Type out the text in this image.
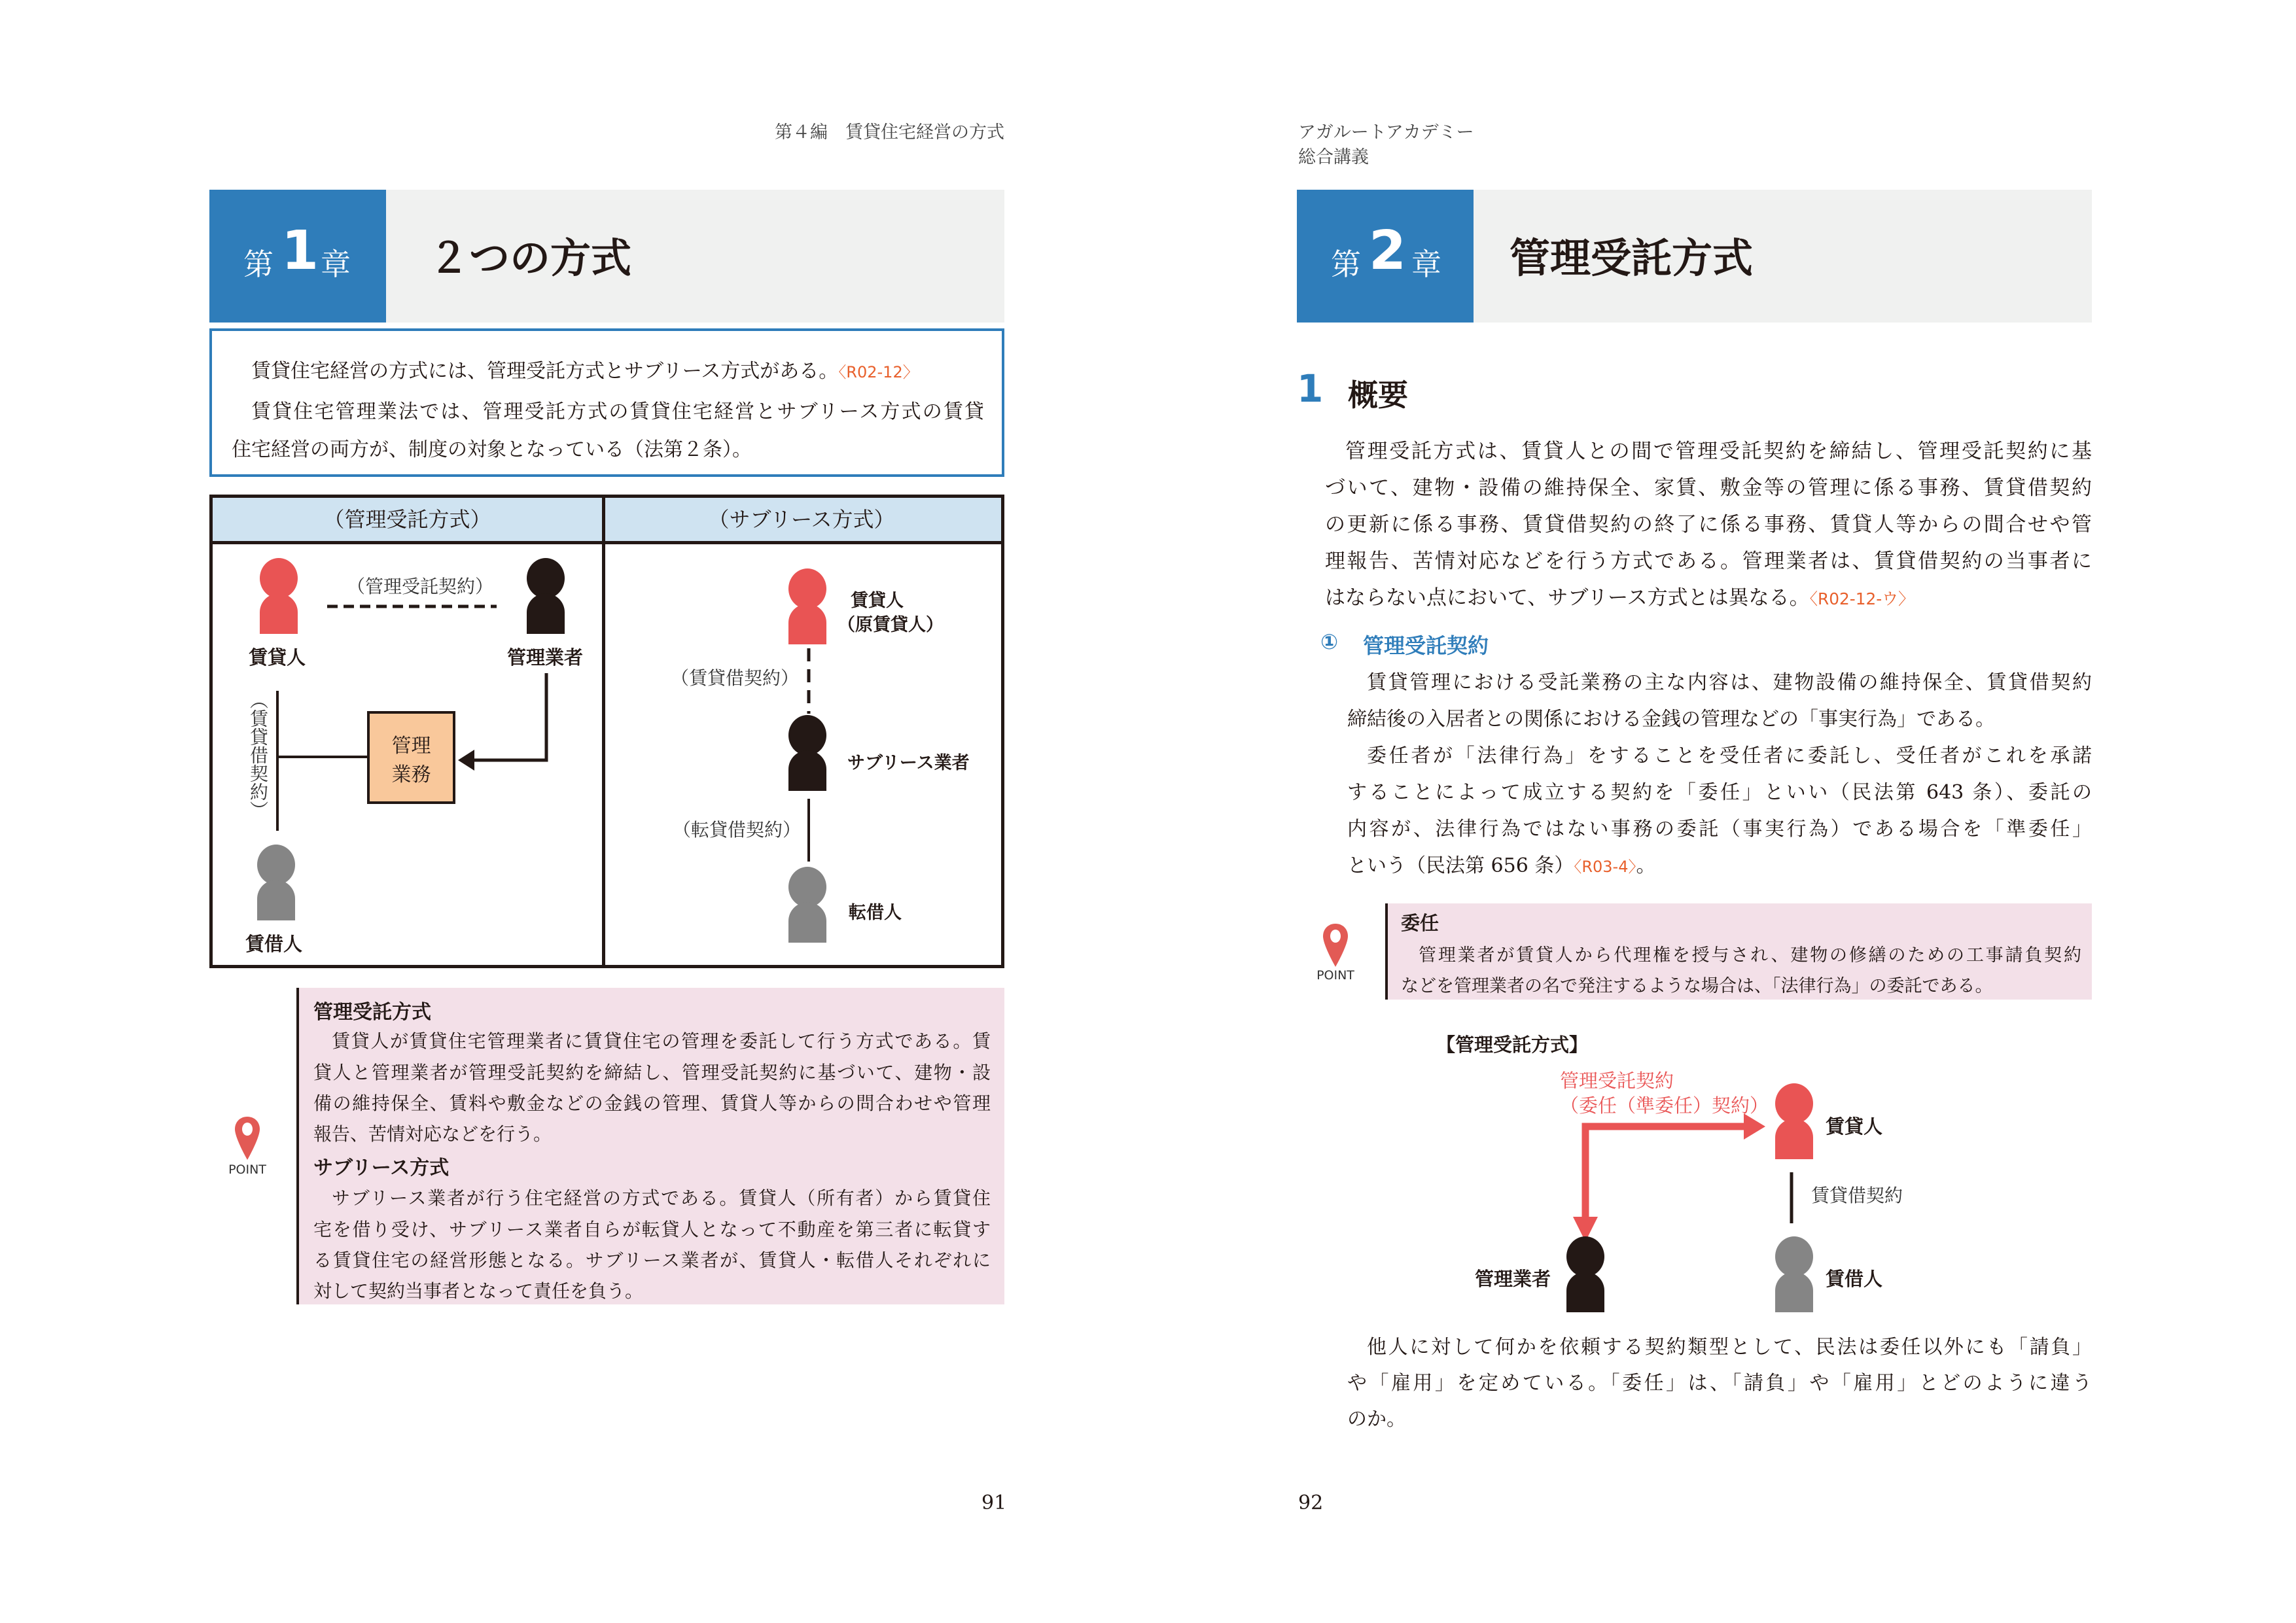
第４編　賃貸住宅経営の方式
第 1 章 ２つの方式
賃貸住宅経営の方式には、管理受託方式とサブリース方式がある。〈R02-12〉
賃貸住宅管理業法では、管理受託方式の賃貸住宅経営とサブリース方式の賃貸
住宅経営の両方が、制度の対象となっている（法第２条）。
（管理受託方式）	（サブリース方式）
賃貸人	管理業者
（管理受託契約）
（賃貸借契約）	管理
業務
賃借人
賃貸人
（原賃貸人）
（賃貸借契約）
サブリース業者
（転貸借契約）
転借人
POINT
管理受託方式
賃貸人が賃貸住宅管理業者に賃貸住宅の管理を委託して行う方式である。賃
貸人と管理業者が管理受託契約を締結し、管理受託契約に基づいて、建物・設
備の維持保全、賃料や敷金などの金銭の管理、賃貸人等からの問合わせや管理
報告、苦情対応などを行う。
サブリース方式
サブリース業者が行う住宅経営の方式である。賃貸人（所有者）から賃貸住
宅を借り受け、サブリース業者自らが転貸人となって不動産を第三者に転貸す
る賃貸住宅の経営形態となる。サブリース業者が、賃貸人・転借人それぞれに
対して契約当事者となって責任を負う。
91
アガルートアカデミー
総合講義
第 2 章 管理受託方式
1 概要
管理受託方式は、賃貸人との間で管理受託契約を締結し、管理受託契約に基
づいて、建物・設備の維持保全、家賃、敷金等の管理に係る事務、賃貸借契約
の更新に係る事務、賃貸借契約の終了に係る事務、賃貸人等からの間合せや管
理報告、苦情対応などを行う方式である。管理業者は、賃貸借契約の当事者に
はならない点において、サブリース方式とは異なる。〈R02-12-ウ〉
① 管理受託契約
賃貸管理における受託業務の主な内容は、建物設備の維持保全、賃貸借契約
締結後の入居者との関係における金銭の管理などの「事実行為」である。
委任者が「法律行為」をすることを受任者に委託し、受任者がこれを承諾
することによって成立する契約を「委任」といい（民法第 643 条）、委託の
内容が、法律行為ではない事務の委託（事実行為）である場合を「準委任」
という（民法第 656 条）〈R03-4〉。
POINT
委任
管理業者が賃貸人から代理権を授与され、建物の修繕のための工事請負契約
などを管理業者の名で発注するような場合は、「法律行為」の委託である。
【管理受託方式】
管理受託契約
（委任（準委任）契約）
賃貸人
賃貸借契約
賃借人
管理業者
他人に対して何かを依頼する契約類型として、民法は委任以外にも「請負」
や「雇用」を定めている。「委任」は、「請負」や「雇用」とどのように違う
のか。
92
